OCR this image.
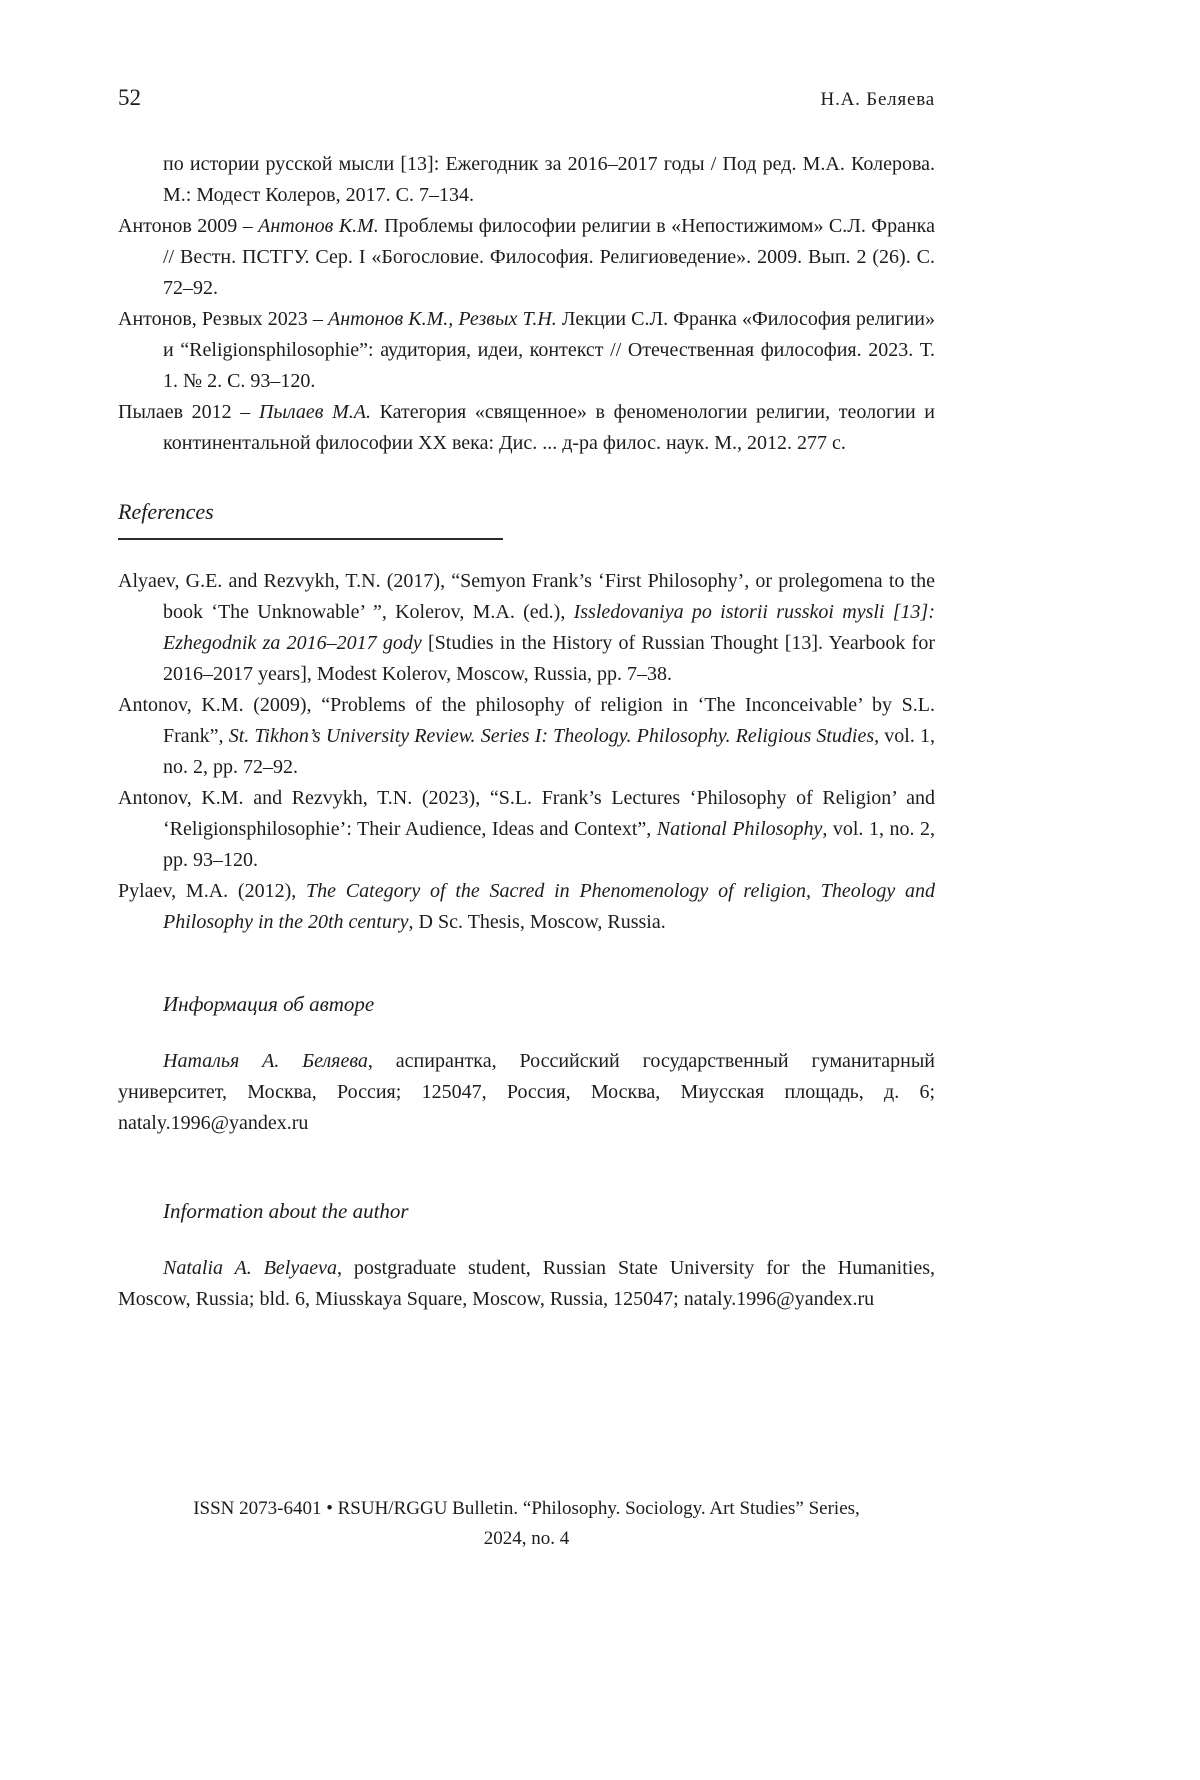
52	Н.А. Беляева

по истории русской мысли [13]: Ежегодник за 2016–2017 годы / Под ред. М.А. Колерова. М.: Модест Колеров, 2017. С. 7–134.

Антонов 2009 – Антонов К.М. Проблемы философии религии в «Непостижимом» С.Л. Франка // Вестн. ПСТГУ. Сер. I «Богословие. Философия. Религиоведение». 2009. Вып. 2 (26). С. 72–92.

Антонов, Резвых 2023 – Антонов К.М., Резвых Т.Н. Лекции С.Л. Франка «Философия религии» и “Religionsphilosophie”: аудитория, идеи, контекст // Отечественная философия. 2023. Т. 1. № 2. С. 93–120.

Пылаев 2012 – Пылаев М.А. Категория «священное» в феноменологии религии, теологии и континентальной философии XX века: Дис. ... д-ра филос. наук. М., 2012. 277 с.

References

Alyaev, G.E. and Rezvykh, T.N. (2017), “Semyon Frank’s ‘First Philosophy’, or prolegomena to the book ‘The Unknowable’ ”, Kolerov, M.A. (ed.), Issledovaniya po istorii russkoi mysli [13]: Ezhegodnik za 2016–2017 gody [Studies in the History of Russian Thought [13]. Yearbook for 2016–2017 years], Modest Kolerov, Moscow, Russia, pp. 7–38.

Antonov, K.M. (2009), “Problems of the philosophy of religion in ‘The Inconceivable’ by S.L. Frank”, St. Tikhon’s University Review. Series I: Theology. Philosophy. Religious Studies, vol. 1, no. 2, pp. 72–92.

Antonov, K.M. and Rezvykh, T.N. (2023), “S.L. Frank’s Lectures ‘Philosophy of Religion’ and ‘Religionsphilosophie’: Their Audience, Ideas and Context”, National Philosophy, vol. 1, no. 2, pp. 93–120.

Pylaev, M.A. (2012), The Category of the Sacred in Phenomenology of religion, Theology and Philosophy in the 20th century, D Sc. Thesis, Moscow, Russia.

Информация об авторе

Наталья А. Беляева, аспирантка, Российский государственный гуманитарный университет, Москва, Россия; 125047, Россия, Москва, Миусская площадь, д. 6; nataly.1996@yandex.ru

Information about the author

Natalia A. Belyaeva, postgraduate student, Russian State University for the Humanities, Moscow, Russia; bld. 6, Miusskaya Square, Moscow, Russia, 125047; nataly.1996@yandex.ru

ISSN 2073-6401 • RSUH/RGGU Bulletin. “Philosophy. Sociology. Art Studies” Series,
2024, no. 4
